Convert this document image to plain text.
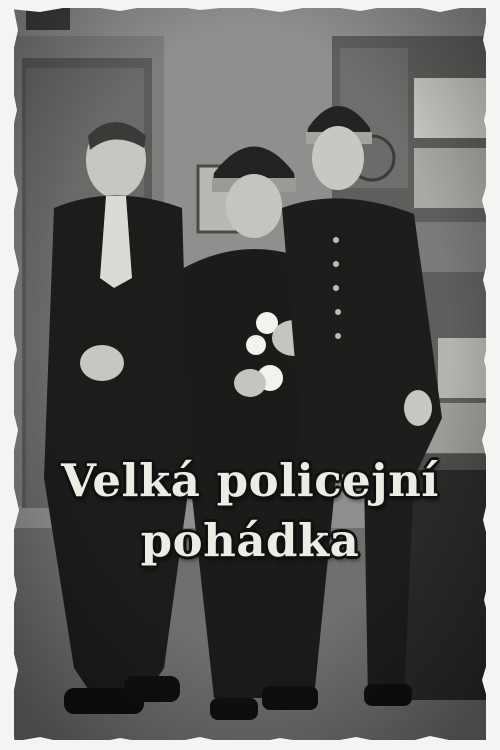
Velká policejní
pohádka
